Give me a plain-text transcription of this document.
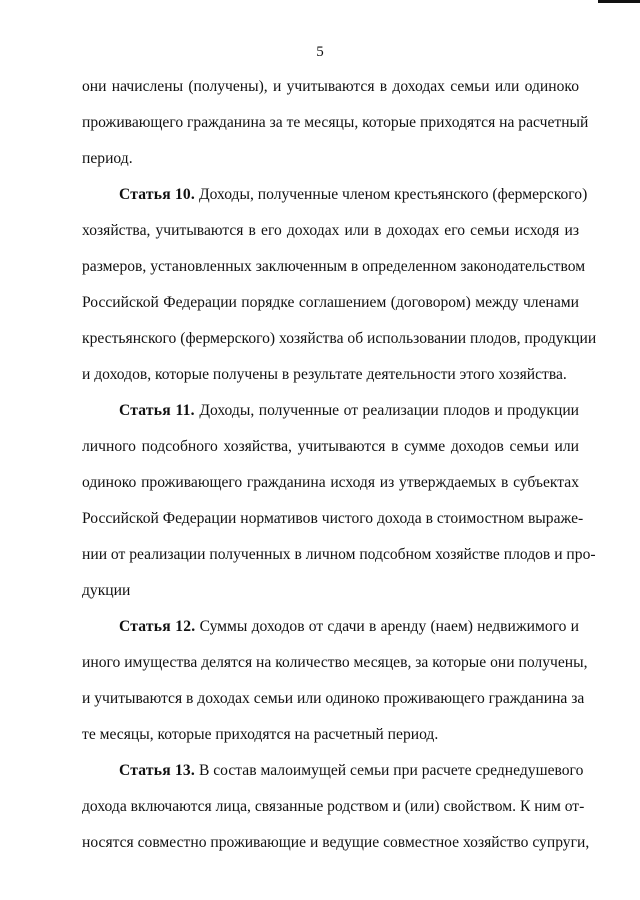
5
они начислены (получены), и учитываются в доходах семьи или одиноко
проживающего гражданина за те месяцы, которые приходятся на расчетный
период.
Статья 10. Доходы, полученные членом крестьянского (фермерского)
хозяйства, учитываются в его доходах или в доходах его семьи исходя из
размеров, установленных заключенным в определенном законодательством
Российской Федерации порядке соглашением (договором) между членами
крестьянского (фермерского) хозяйства об использовании плодов, продукции
и доходов, которые получены в результате деятельности этого хозяйства.
Статья 11. Доходы, полученные от реализации плодов и продукции
личного подсобного хозяйства, учитываются в сумме доходов семьи или
одиноко проживающего гражданина исходя из утверждаемых в субъектах
Российской Федерации нормативов чистого дохода в стоимостном выраже-
нии от реализации полученных в личном подсобном хозяйстве плодов и про-
дукции
Статья 12. Суммы доходов от сдачи в аренду (наем) недвижимого и
иного имущества делятся на количество месяцев, за которые они получены,
и учитываются в доходах семьи или одиноко проживающего гражданина за
те месяцы, которые приходятся на расчетный период.
Статья 13. В состав малоимущей семьи при расчете среднедушевого
дохода включаются лица, связанные родством и (или) свойством. К ним от-
носятся совместно проживающие и ведущие совместное хозяйство супруги,
